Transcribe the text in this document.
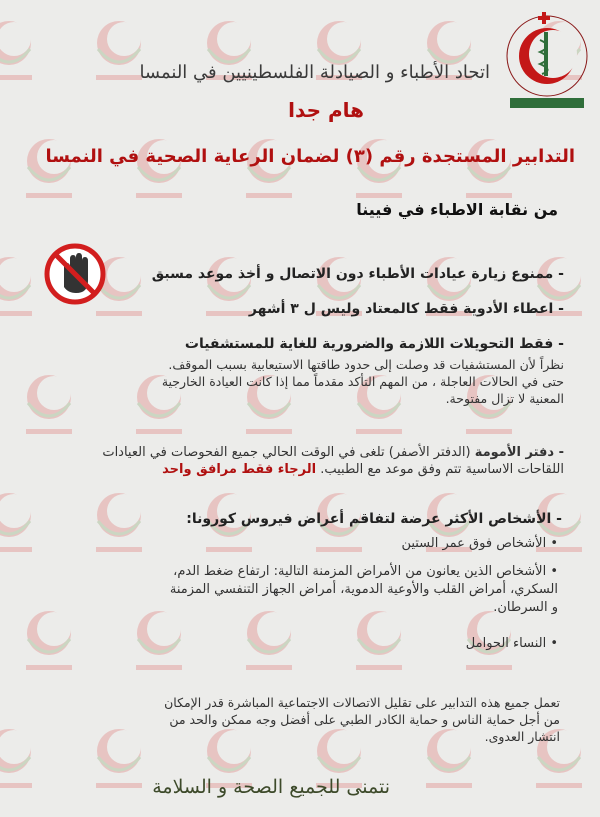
اتحاد الأطباء و الصيادلة الفلسطينيين في النمسا
هام جدا
التدابير المستجدة رقم (٣) لضمان الرعاية الصحية في النمسا
من نقابة الاطباء في فيينا
- ممنوع زيارة عيادات الأطباء دون الاتصال و أخذ موعد مسبق
- اعطاء الأدوية فقط كالمعتاد وليس ل ٣ أشهر
- فقط التحويلات اللازمة والضرورية للغاية للمستشفيات
نظراً لأن المستشفيات قد وصلت إلى حدود طاقتها الاستيعابية بسبب الموقف.
حتى في الحالات العاجلة ، من المهم التأكد مقدماً مما إذا كانت العيادة الخارجية
المعنية لا تزال مفتوحة.
- دفتر الأمومة (الدفتر الأصفر) تلغى في الوقت الحالي جميع الفحوصات في العيادات
اللقاحات الاساسية تتم وفق موعد مع الطبيب. الرجاء فقط مرافق واحد
- الأشخاص الأكثر عرضة لتفاقم أعراض فيروس كورونا:
• الأشخاص فوق عمر الستين
• الأشخاص الذين يعانون من الأمراض المزمنة التالية: ارتفاع ضغط الدم،
السكري، أمراض القلب والأوعية الدموية، أمراض الجهاز التنفسي المزمنة
و السرطان.
• النساء الحوامل
تعمل جميع هذه التدابير على تقليل الاتصالات الاجتماعية المباشرة قدر الإمكان
من أجل حماية الناس و حماية الكادر الطبي على أفضل وجه ممكن والحد من
انتشار العدوى.
نتمنى للجميع الصحة و السلامة
